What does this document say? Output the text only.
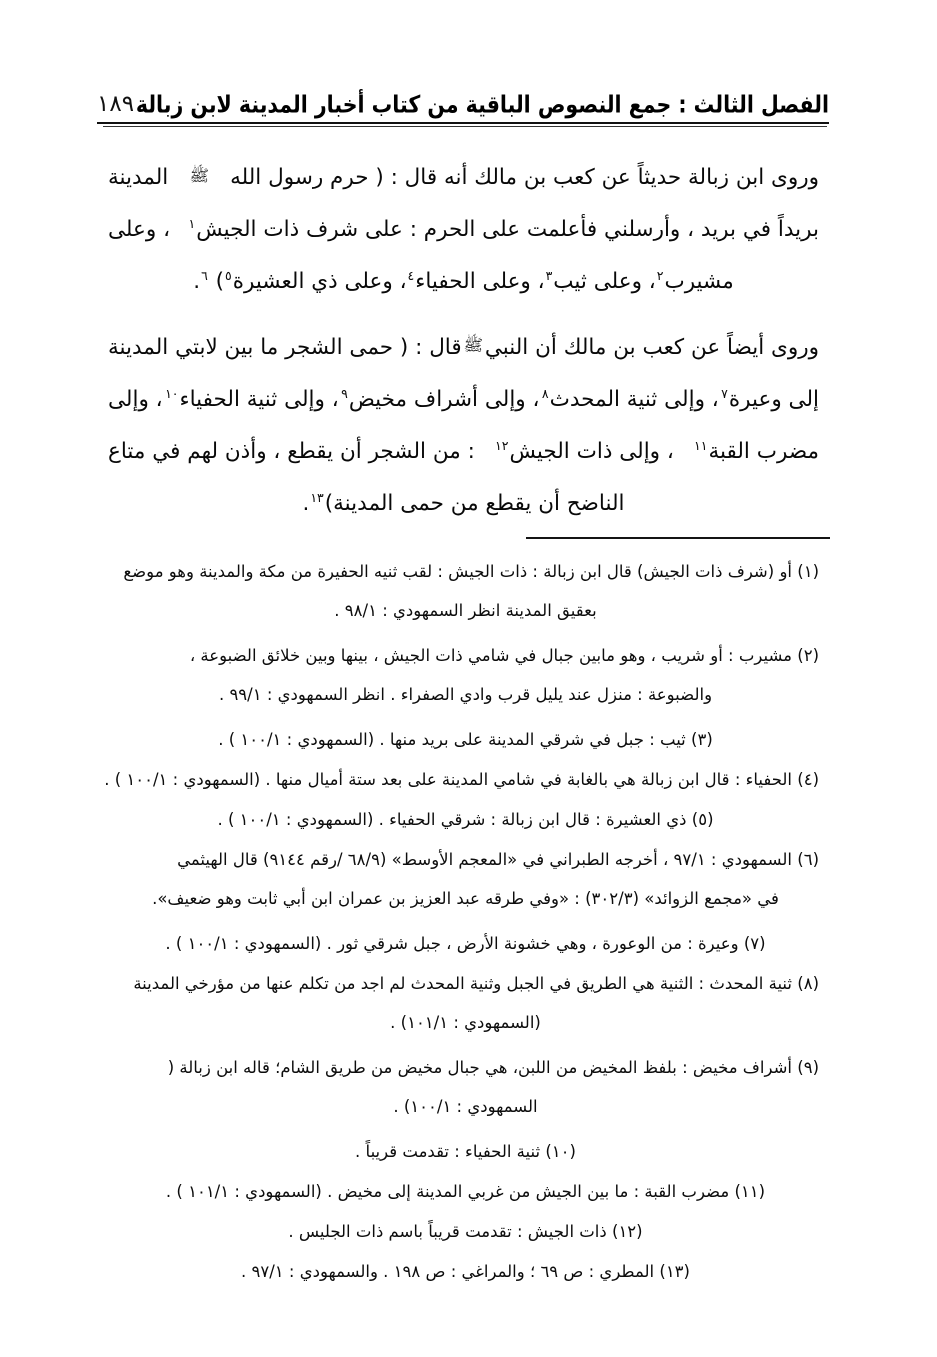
الفصل الثالث : جمع النصوص الباقية من كتاب أخبار المدينة لابن زبالة
١٨٩
وروى ابن زبالة حديثاً عن كعب بن مالك أنه قال : ( حرم رسول الله
ﷺ
المدينة
بريداً في بريد ، وأرسلني فأعلمت على الحرم : على شرف ذات الجيش$^١$
، وعلى
مشيرب$^٢$، وعلى ثيب$^٣$، وعلى الحفياء$^٤$، وعلى ذي العشيرة$^٥$) $^٦$.
وروى أيضاً عن كعب بن مالك أن النبي
ﷺ
قال : ( حمى الشجر ما بين لابتي المدينة
إلى وعيرة$^٧$
، وإلى ثنية المحدث$^٨$
، وإلى أشراف مخيض$^٩$
، وإلى ثنية الحفياء$^{١٠}$
، وإلى
مضرب القبة$^{١١}$
، وإلى ذات الجيش$^{١٢}$
: من الشجر أن يقطع ، وأذن لهم في متاع
الناضح أن يقطع من حمى المدينة)$^{١٣}$.
(١) أو (شرف ذات الجيش) قال ابن زبالة : ذات الجيش : لقب ثنيه الحفيرة من مكة والمدينة وهو موضع
بعقيق المدينة انظر السمهودي : ٩٨/١ .
(٢) مشيرب : أو شريب ، وهو مابين جبال في شامي ذات الجيش ، بينها وبين خلائق الضبوعة ،
والضبوعة : منزل عند يليل قرب وادي الصفراء . انظر السمهودي : ٩٩/١ .
(٣) ثيب : جبل في شرقي المدينة على بريد منها . (السمهودي : ١٠٠/١ ) .
(٤) الحفياء : قال ابن زبالة هي بالغابة في شامي المدينة على بعد ستة أميال منها . (السمهودي : ١٠٠/١ ) .
(٥) ذي العشيرة : قال ابن زبالة : شرقي الحفياء . (السمهودي : ١٠٠/١ ) .
(٦) السمهودي : ٩٧/١ ، أخرجه الطبراني في «المعجم الأوسط» (٦٨/٩ /رقم ٩١٤٤) قال الهيثمي
في «مجمع الزوائد» (٣٠٢/٣) : «وفي طرقه عبد العزيز بن عمران ابن أبي ثابت وهو ضعيف».
(٧) وعيرة : من الوعورة ، وهي خشونة الأرض ، جبل شرقي ثور . (السمهودي : ١٠٠/١ ) .
(٨) ثنية المحدث : الثنية هي الطريق في الجبل وثنية المحدث لم اجد من تكلم عنها من مؤرخي المدينة
(السمهودي : ١٠١/١) .
(٩) أشراف مخيض : بلفظ المخيض من اللبن، هي جبال مخيض من طريق الشام؛ قاله ابن زبالة (
السمهودي : ١٠٠/١) .
(١٠) ثنية الحفياء : تقدمت قريباً .
(١١) مضرب القبة : ما بين الجيش من غربي المدينة إلى مخيض . (السمهودي : ١٠١/١ ) .
(١٢) ذات الجيش : تقدمت قريباً باسم ذات الجليس .
(١٣) المطري : ص ٦٩ ؛ والمراغي : ص ١٩٨ . والسمهودي : ٩٧/١ .
